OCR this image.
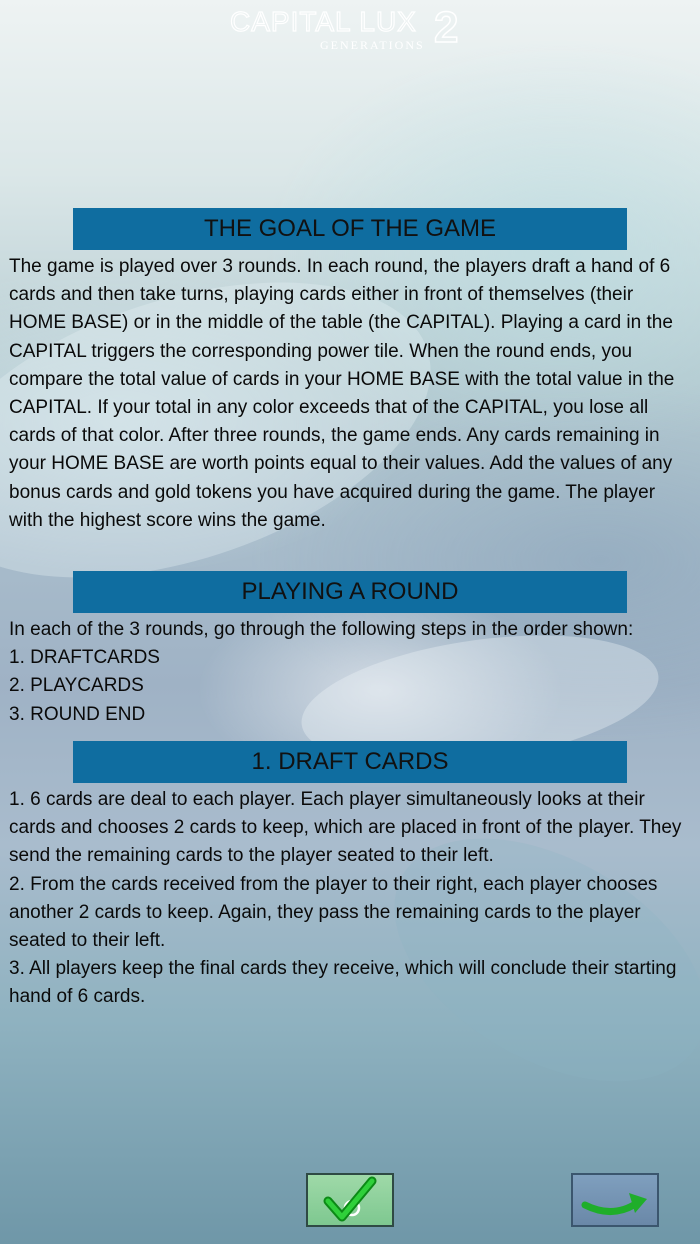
CAPITAL LUX
GENERATIONS 2
THE GOAL OF THE GAME

The game is played over 3 rounds. In each round, the players draft a hand of 6 cards and then take turns, playing cards either in front of themselves (their HOME BASE) or in the middle of the table (the CAPITAL). Playing a card in the CAPITAL triggers the corresponding power tile. When the round ends, you compare the total value of cards in your HOME BASE with the total value in the CAPITAL. If your total in any color exceeds that of the CAPITAL, you lose all cards of that color. After three rounds, the game ends. Any cards remaining in your HOME BASE are worth points equal to their values. Add the values of any bonus cards and gold tokens you have acquired during the game. The player with the highest score wins the game.

PLAYING A ROUND

In each of the 3 rounds, go through the following steps in the order shown:

1. DRAFTCARDS

2. PLAYCARDS

3. ROUND END

1. DRAFT CARDS

1. 6 cards are deal to each player. Each player simultaneously looks at their cards and chooses 2 cards to keep, which are placed in front of the player. They send the remaining cards to the player seated to their left.

2. From the cards received from the player to their right, each player chooses another 2 cards to keep. Again, they pass the remaining cards to the player seated to their left.

3. All players keep the final cards they receive, which will conclude their starting hand of 6 cards.
